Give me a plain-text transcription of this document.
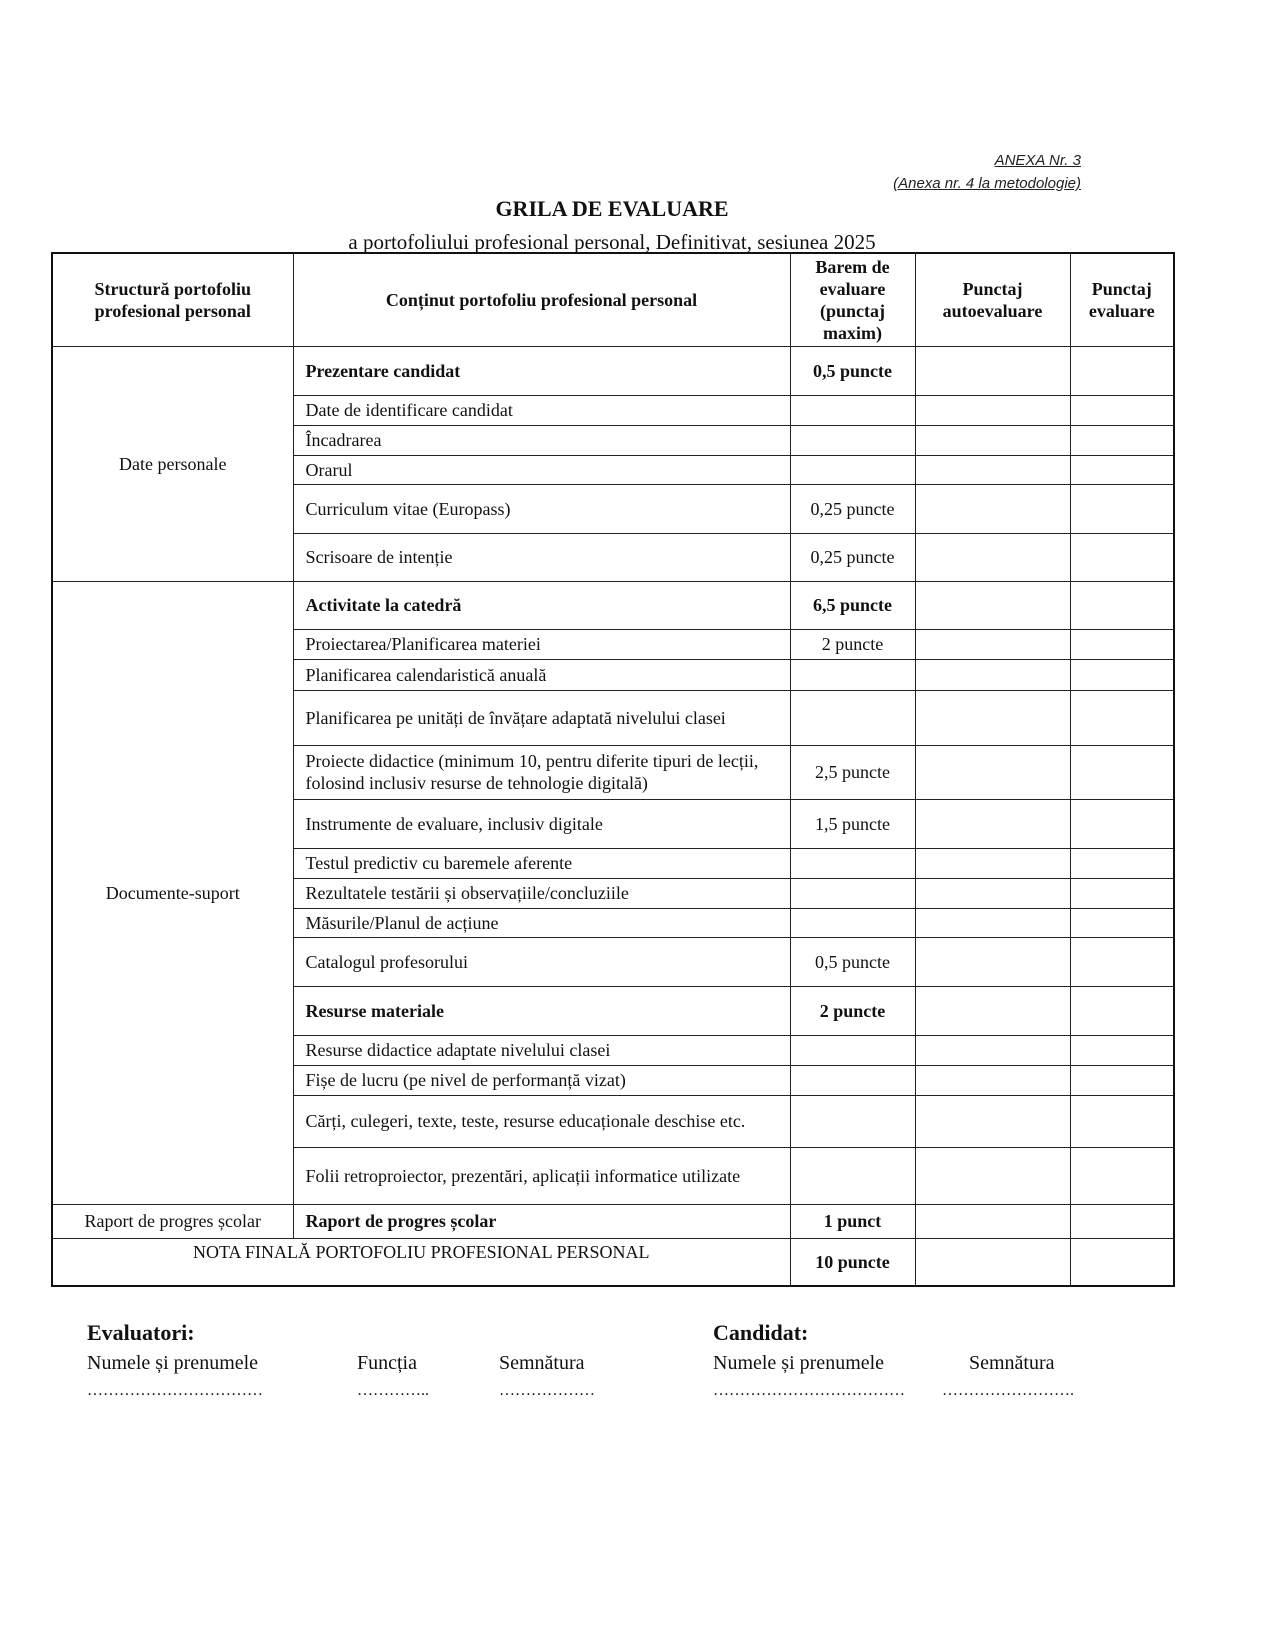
ANEXA Nr. 3
(Anexa nr. 4 la metodologie)
GRILA DE EVALUARE
a portofoliului profesional personal, Definitivat, sesiunea 2025
Structură portofoliu profesional personal	Conținut portofoliu profesional personal	Barem de evaluare (punctaj maxim)	Punctaj autoevaluare	Punctaj evaluare
Date personale	Prezentare candidat	0,5 puncte		
	Date de identificare candidat			
	Încadrarea			
	Orarul			
	Curriculum vitae (Europass)	0,25 puncte		
	Scrisoare de intenție	0,25 puncte		
Documente-suport	Activitate la catedră	6,5 puncte		
	Proiectarea/Planificarea materiei	2 puncte		
	Planificarea calendaristică anuală			
	Planificarea pe unități de învățare adaptată nivelului clasei			
	Proiecte didactice (minimum 10, pentru diferite tipuri de lecții, folosind inclusiv resurse de tehnologie digitală)	2,5 puncte		
	Instrumente de evaluare, inclusiv digitale	1,5 puncte		
	Testul predictiv cu baremele aferente			
	Rezultatele testării și observațiile/concluziile			
	Măsurile/Planul de acțiune			
	Catalogul profesorului	0,5 puncte		
	Resurse materiale	2 puncte		
	Resurse didactice adaptate nivelului clasei			
	Fișe de lucru (pe nivel de performanță vizat)			
	Cărți, culegeri, texte, teste, resurse educaționale deschise etc.			
	Folii retroproiector, prezentări, aplicații informatice utilizate			
Raport de progres școlar	Raport de progres școlar	1 punct		
NOTA FINALĂ PORTOFOLIU PROFESIONAL PERSONAL		10 puncte		
Evaluatori:
Numele și prenumele	Funcția	Semnătura
……………………………	…………..	………………
Candidat:
Numele și prenumele	Semnătura
……………………………… …………………….
